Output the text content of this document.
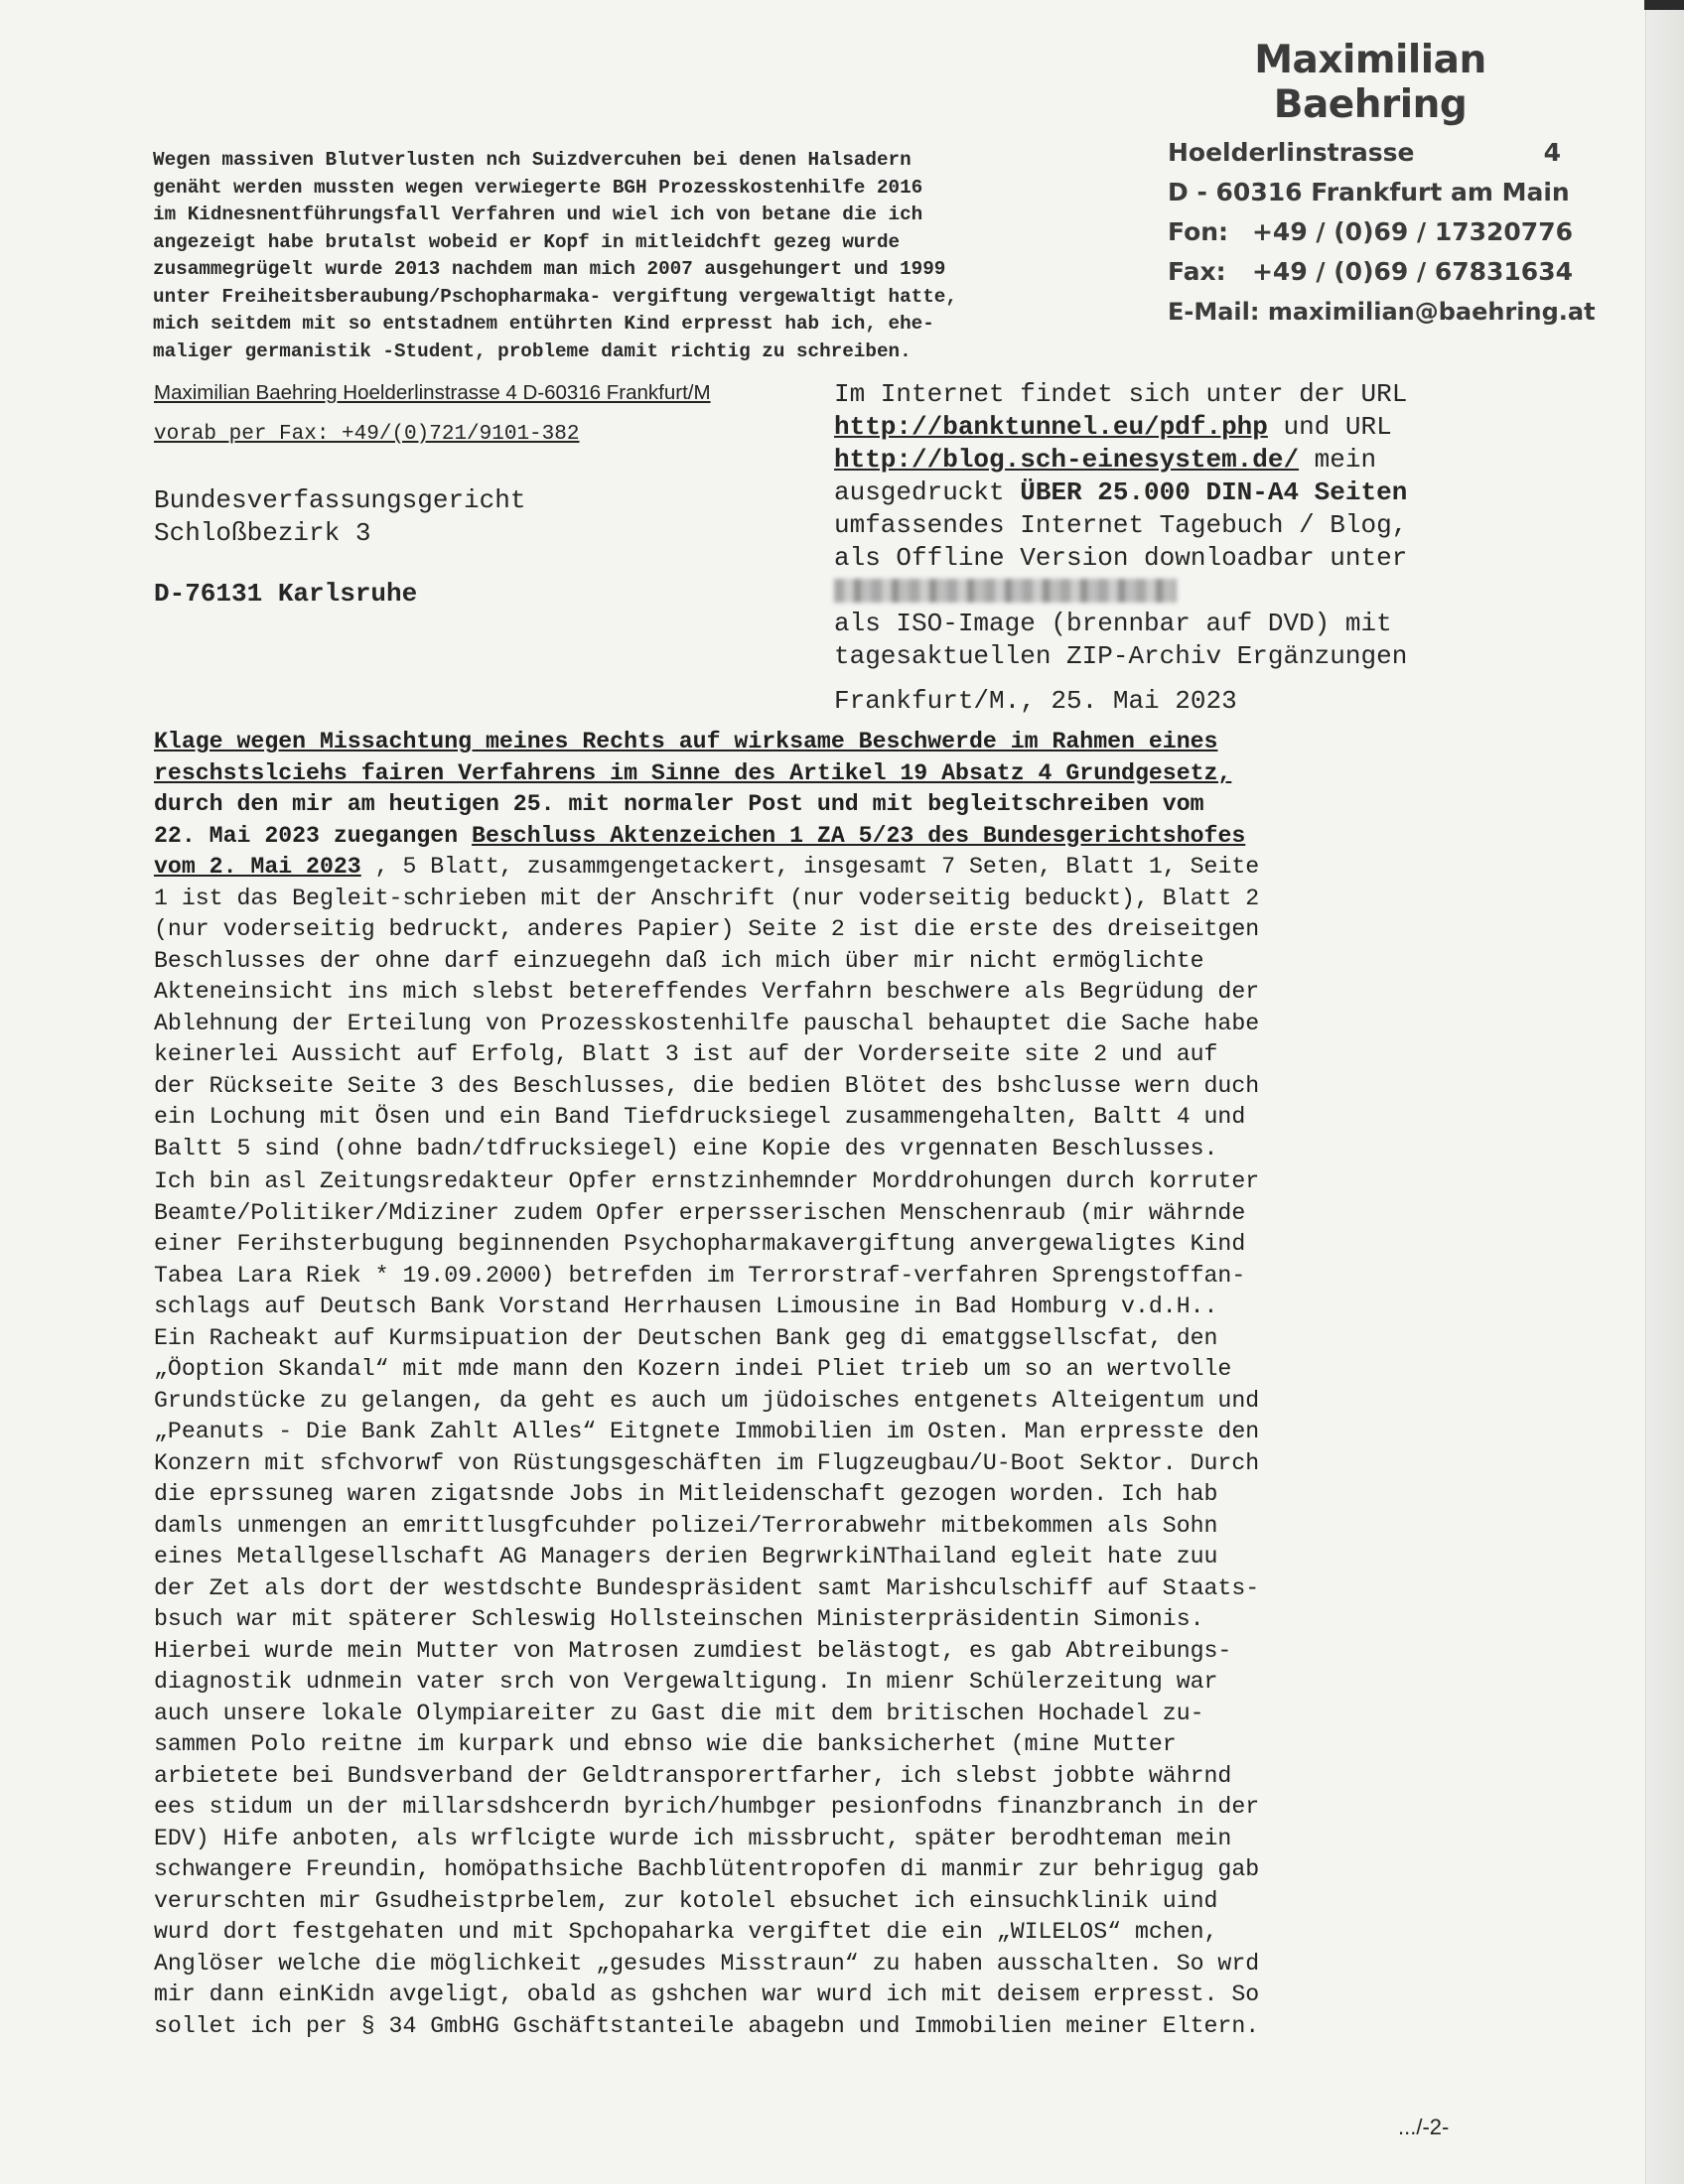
Maximilian Baehring
Hoelderlinstrasse	4
D - 60316 Frankfurt am Main
Fon: +49 / (0)69 / 17320776
Fax:	+49 / (0)69 / 67831634
E-Mail: maximilian@baehring.at
Wegen massiven Blutverlusten nch Suizdvercuhen bei denen Halsadern
genäht werden mussten wegen verwiegerte BGH Prozesskostenhilfe 2016
im Kidnesnentführungsfall Verfahren und wiel ich von betane die ich
angezeigt habe brutalst wobeid er Kopf in mitleidchft gezeg wurde
zusammegrügelt wurde 2013 nachdem man mich 2007 ausgehungert und 1999
unter Freiheitsberaubung/Pschopharmaka- vergiftung vergewaltigt hatte,
mich seitdem mit so entstadnem entührten Kind erpresst hab ich, ehe-
maliger germanistik -Student, probleme damit richtig zu schreiben.
Maximilian Baehring Hoelderlinstrasse 4 D-60316 Frankfurt/M
vorab per Fax: +49/(0)721/9101-382
Bundesverfassungsgericht
Schloßbezirk 3
D-76131 Karlsruhe
Im Internet findet sich unter der URL
http://banktunnel.eu/pdf.php und URL
http://blog.sch-einesystem.de/ mein
ausgedruckt ÜBER 25.000 DIN-A4 Seiten
umfassendes Internet Tagebuch / Blog,
als Offline Version downloadbar unter
als ISO-Image (brennbar auf DVD) mit
tagesaktuellen ZIP-Archiv Ergänzungen
Frankfurt/M., 25. Mai 2023
Klage wegen Missachtung meines Rechts auf wirksame Beschwerde im Rahmen eines
reschstslciehs fairen Verfahrens im Sinne des Artikel 19 Absatz 4 Grundgesetz,
durch den mir am heutigen 25. mit normaler Post und mit begleitschreiben vom
22. Mai 2023 zuegangen Beschluss Aktenzeichen 1 ZA 5/23 des Bundesgerichtshofes
vom 2. Mai 2023 , 5 Blatt, zusammgengetackert, insgesamt 7 Seten, Blatt 1, Seite
1 ist das Begleit-schrieben mit der Anschrift (nur voderseitig beduckt), Blatt 2
(nur voderseitig bedruckt, anderes Papier) Seite 2 ist die erste des dreiseitgen
Beschlusses der ohne darf einzuegehn daß ich mich über mir nicht ermöglichte
Akteneinsicht ins mich slebst betereffendes Verfahrn beschwere als Begrüdung der
Ablehnung der Erteilung von Prozesskostenhilfe pauschal behauptet die Sache habe
keinerlei Aussicht auf Erfolg, Blatt 3 ist auf der Vorderseite site 2 und auf
der Rückseite Seite 3 des Beschlusses, die bedien Blötet des bshclusse wern duch
ein Lochung mit Ösen und ein Band Tiefdrucksiegel zusammengehalten, Baltt 4 und
Baltt 5 sind (ohne badn/tdfrucksiegel) eine Kopie des vrgennaten Beschlusses.
Ich bin asl Zeitungsredakteur Opfer ernstzinhemnder Morddrohungen durch korruter
Beamte/Politiker/Mdiziner zudem Opfer erpersserischen Menschenraub (mir währnde
einer Ferihsterbugung beginnenden Psychopharmakavergiftung anvergewaligtes Kind
Tabea Lara Riek * 19.09.2000) betrefden im Terrorstraf-verfahren Sprengstoffan-
schlags auf Deutsch Bank Vorstand Herrhausen Limousine in Bad Homburg v.d.H..
Ein Racheakt auf Kurmsipuation der Deutschen Bank geg di ematggsellscfat, den
„Öoption Skandal“ mit mde mann den Kozern indei Pliet trieb um so an wertvolle
Grundstücke zu gelangen, da geht es auch um jüdoisches entgenets Alteigentum und
„Peanuts - Die Bank Zahlt Alles“ Eitgnete Immobilien im Osten. Man erpresste den
Konzern mit sfchvorwf von Rüstungsgeschäften im Flugzeugbau/U-Boot Sektor. Durch
die eprssuneg waren zigatsnde Jobs in Mitleidenschaft gezogen worden. Ich hab
damls unmengen an emrittlusgfcuhder polizei/Terrorabwehr mitbekommen als Sohn
eines Metallgesellschaft AG Managers derien BegrwrkiNThailand egleit hate zuu
der Zet als dort der westdschte Bundespräsident samt Marishculschiff auf Staats-
bsuch war mit späterer Schleswig Hollsteinschen Ministerpräsidentin Simonis.
Hierbei wurde mein Mutter von Matrosen zumdiest belästogt, es gab Abtreibungs-
diagnostik udnmein vater srch von Vergewaltigung. In mienr Schülerzeitung war
auch unsere lokale Olympiareiter zu Gast die mit dem britischen Hochadel zu-
sammen Polo reitne im kurpark und ebnso wie die banksicherhet (mine Mutter
arbietete bei Bundsverband der Geldtransporertfarher, ich slebst jobbte währnd
ees stidum un der millarsdshcerdn byrich/humbger pesionfodns finanzbranch in der
EDV) Hife anboten, als wrflcigte wurde ich missbrucht, später berodhteman mein
schwangere Freundin, homöpathsiche Bachblütentropofen di manmir zur behrigug gab
verurschten mir Gsudheistprbelem, zur kotolel ebsuchet ich einsuchklinik uind
wurd dort festgehaten und mit Spchopaharka vergiftet die ein „WILELOS“ mchen,
Anglöser welche die möglichkeit „gesudes Misstraun“ zu haben ausschalten. So wrd
mir dann einKidn avgeligt, obald as gshchen war wurd ich mit deisem erpresst. So
sollet ich per § 34 GmbHG Gschäftstanteile abagebn und Immobilien meiner Eltern.
.../-2-
